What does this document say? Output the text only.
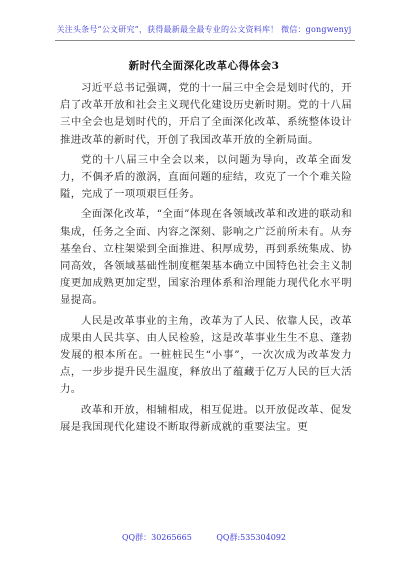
关注头条号“公文研究”，获得最新最全最专业的公文资料库！ 微信：gongwenyj
新时代全面深化改革心得体会3

习近平总书记强调，党的十一届三中全会是划时代的，开启了改革开放和社会主义现代化建设历史新时期。党的十八届三中全会也是划时代的，开启了全面深化改革、系统整体设计推进改革的新时代，开创了我国改革开放的全新局面。

党的十八届三中全会以来，以问题为导向，改革全面发力，不偶矛盾的激涡，直面问题的症结，攻克了一个个难关险隘，完成了一项项艰巨任务。

全面深化改革，“全面”体现在各领域改革和改进的联动和集成，任务之全面、内容之深刻、影响之广泛前所未有。从夯基垒台、立柱架梁到全面推进、积厚成势，再到系统集成、协同高效，各领域基础性制度框架基本确立中国特色社会主义制度更加成熟更加定型，国家治理体系和治理能力现代化水平明显提高。

人民是改革事业的主角，改革为了人民、依靠人民，改革成果由人民共享、由人民检验，这是改革事业生生不息、蓬勃发展的根本所在。一桩桩民生“小事”，一次次成为改革发力点，一步步提升民生温度，释放出了蕴藏于亿万人民的巨大活力。

改革和开放，相辅相成，相互促进。以开放促改革、促发展是我国现代化建设不断取得新成就的重要法宝。更

QQ群：30265665	QQ群:535304092
